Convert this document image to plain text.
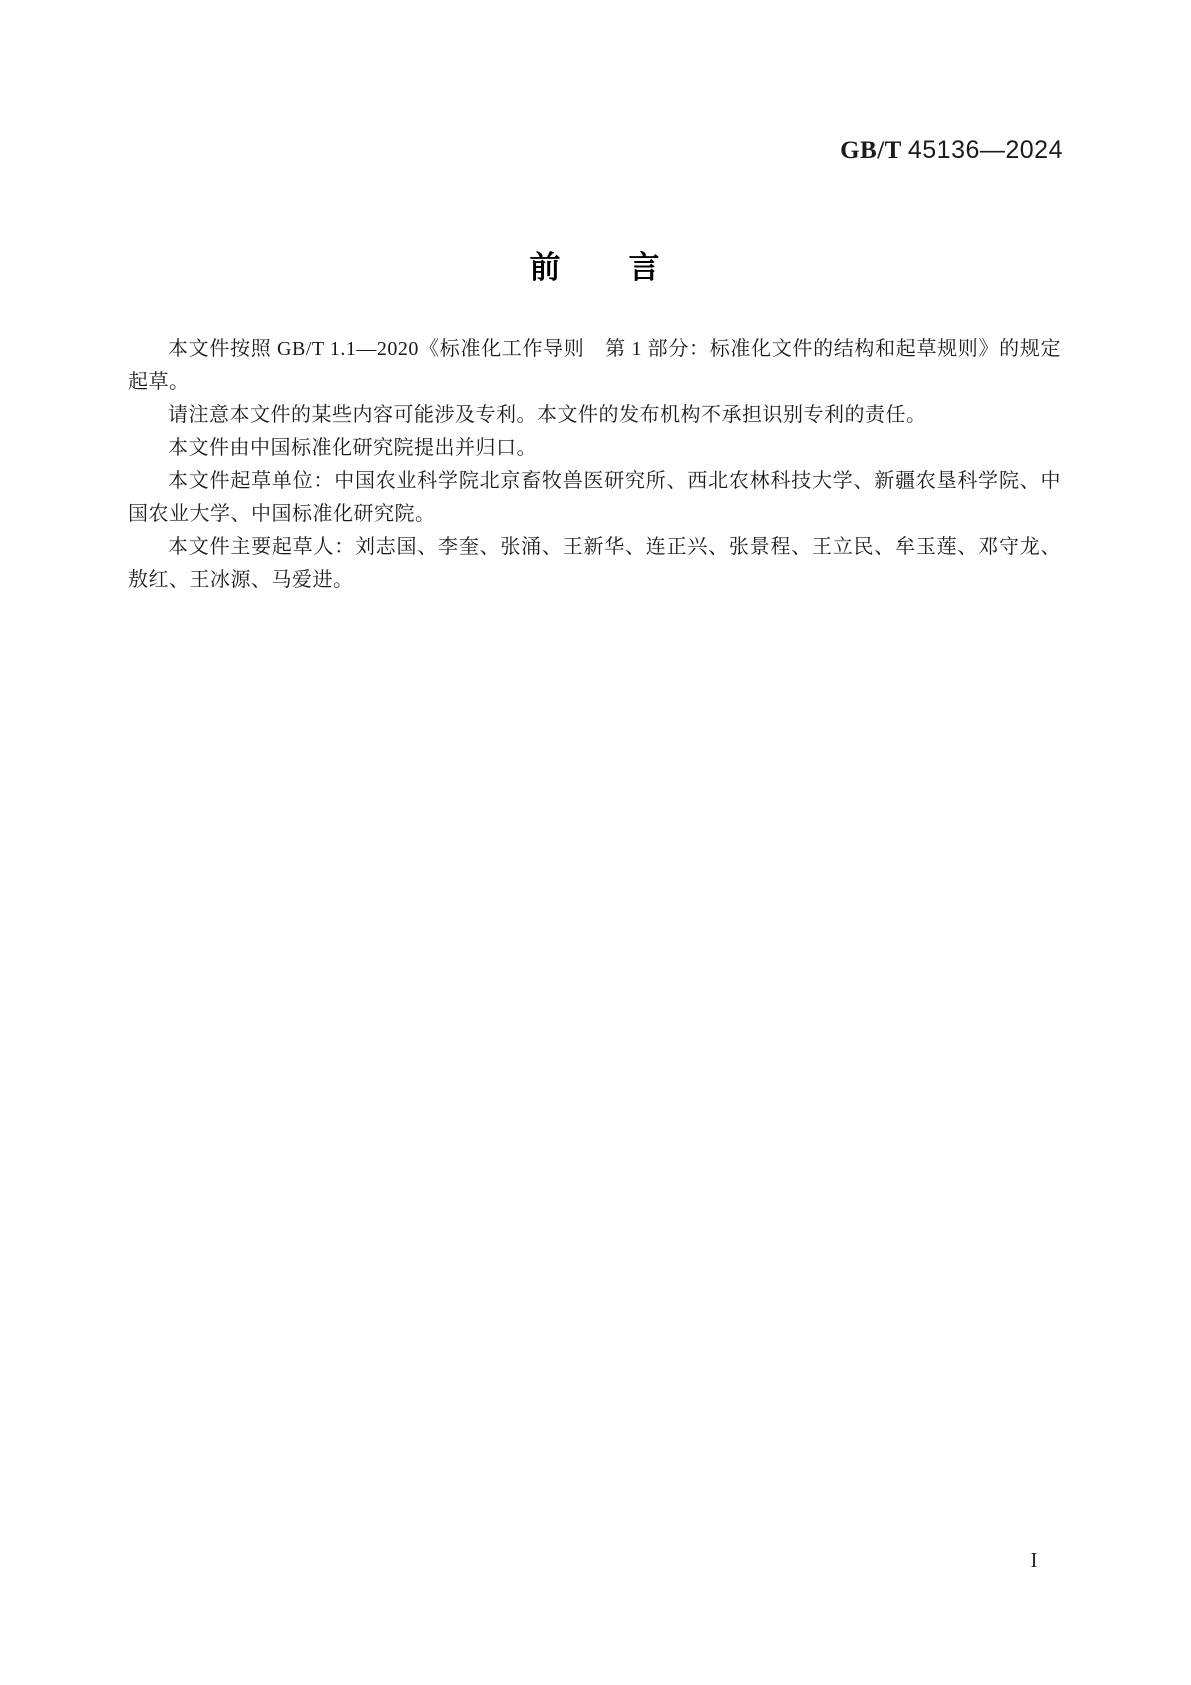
GB/T 45136—2024
前　　言

本文件按照 GB/T 1.1—2020《标准化工作导则　第 1 部分：标准化文件的结构和起草规则》的规定起草。

请注意本文件的某些内容可能涉及专利。本文件的发布机构不承担识别专利的责任。

本文件由中国标准化研究院提出并归口。

本文件起草单位：中国农业科学院北京畜牧兽医研究所、西北农林科技大学、新疆农垦科学院、中国农业大学、中国标准化研究院。

本文件主要起草人：刘志国、李奎、张涌、王新华、连正兴、张景程、王立民、牟玉莲、邓守龙、敖红、王冰源、马爱进。

I
